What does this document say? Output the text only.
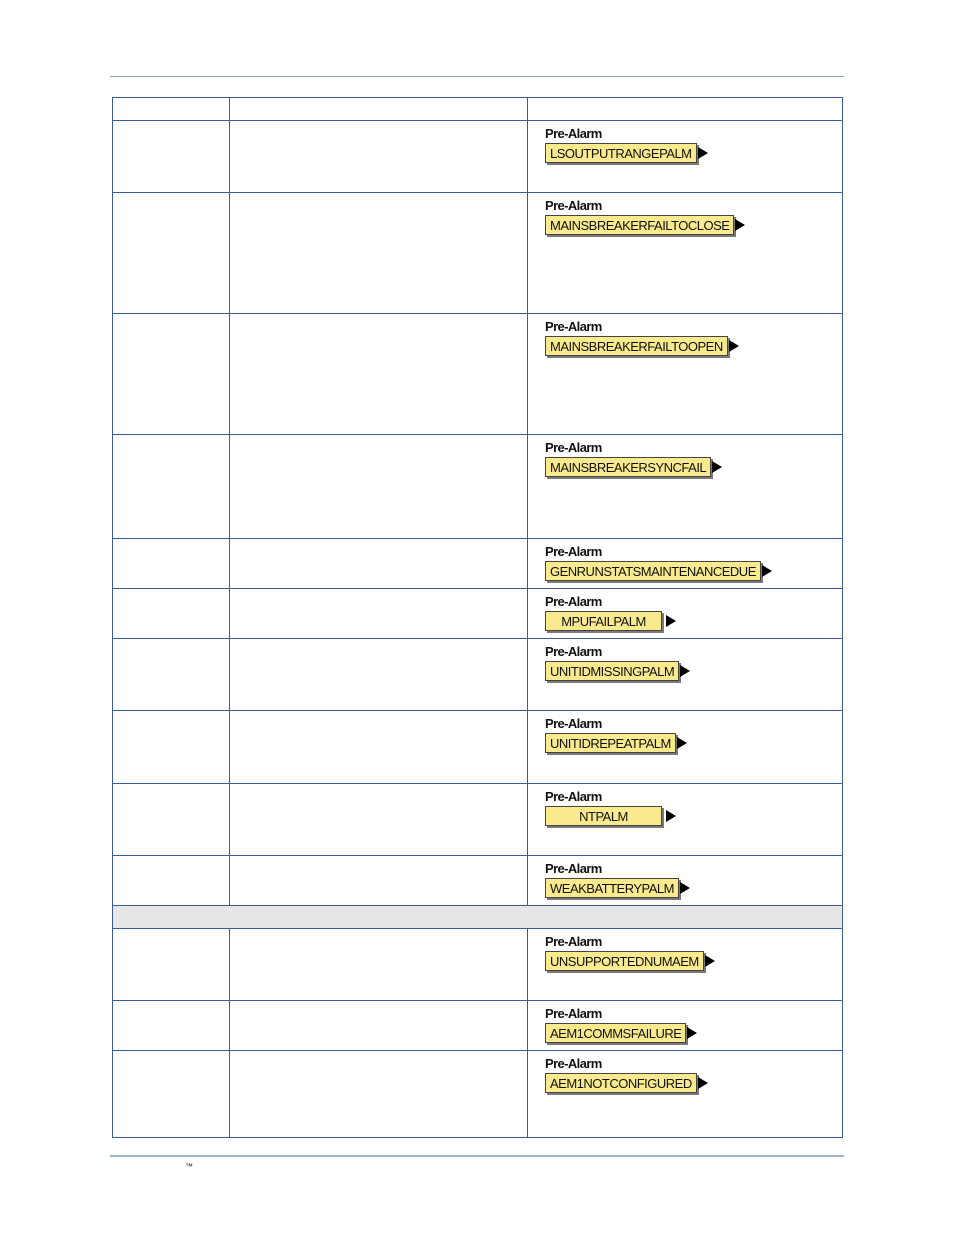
		Pre-Alarm
LSOUTPUTRANGEPALM

		Pre-Alarm
MAINSBREAKERFAILTOCLOSE

		Pre-Alarm
MAINSBREAKERFAILTOOPEN

		Pre-Alarm
MAINSBREAKERSYNCFAIL

		Pre-Alarm
GENRUNSTATSMAINTENANCEDUE

		Pre-Alarm
MPUFAILPALM

		Pre-Alarm
UNITIDMISSINGPALM

		Pre-Alarm
UNITIDREPEATPALM

		Pre-Alarm
NTPALM

		Pre-Alarm
WEAKBATTERYPALM

		Pre-Alarm
UNSUPPORTEDNUMAEM

		Pre-Alarm
AEM1COMMSFAILURE

		Pre-Alarm
AEM1NOTCONFIGURED
™
